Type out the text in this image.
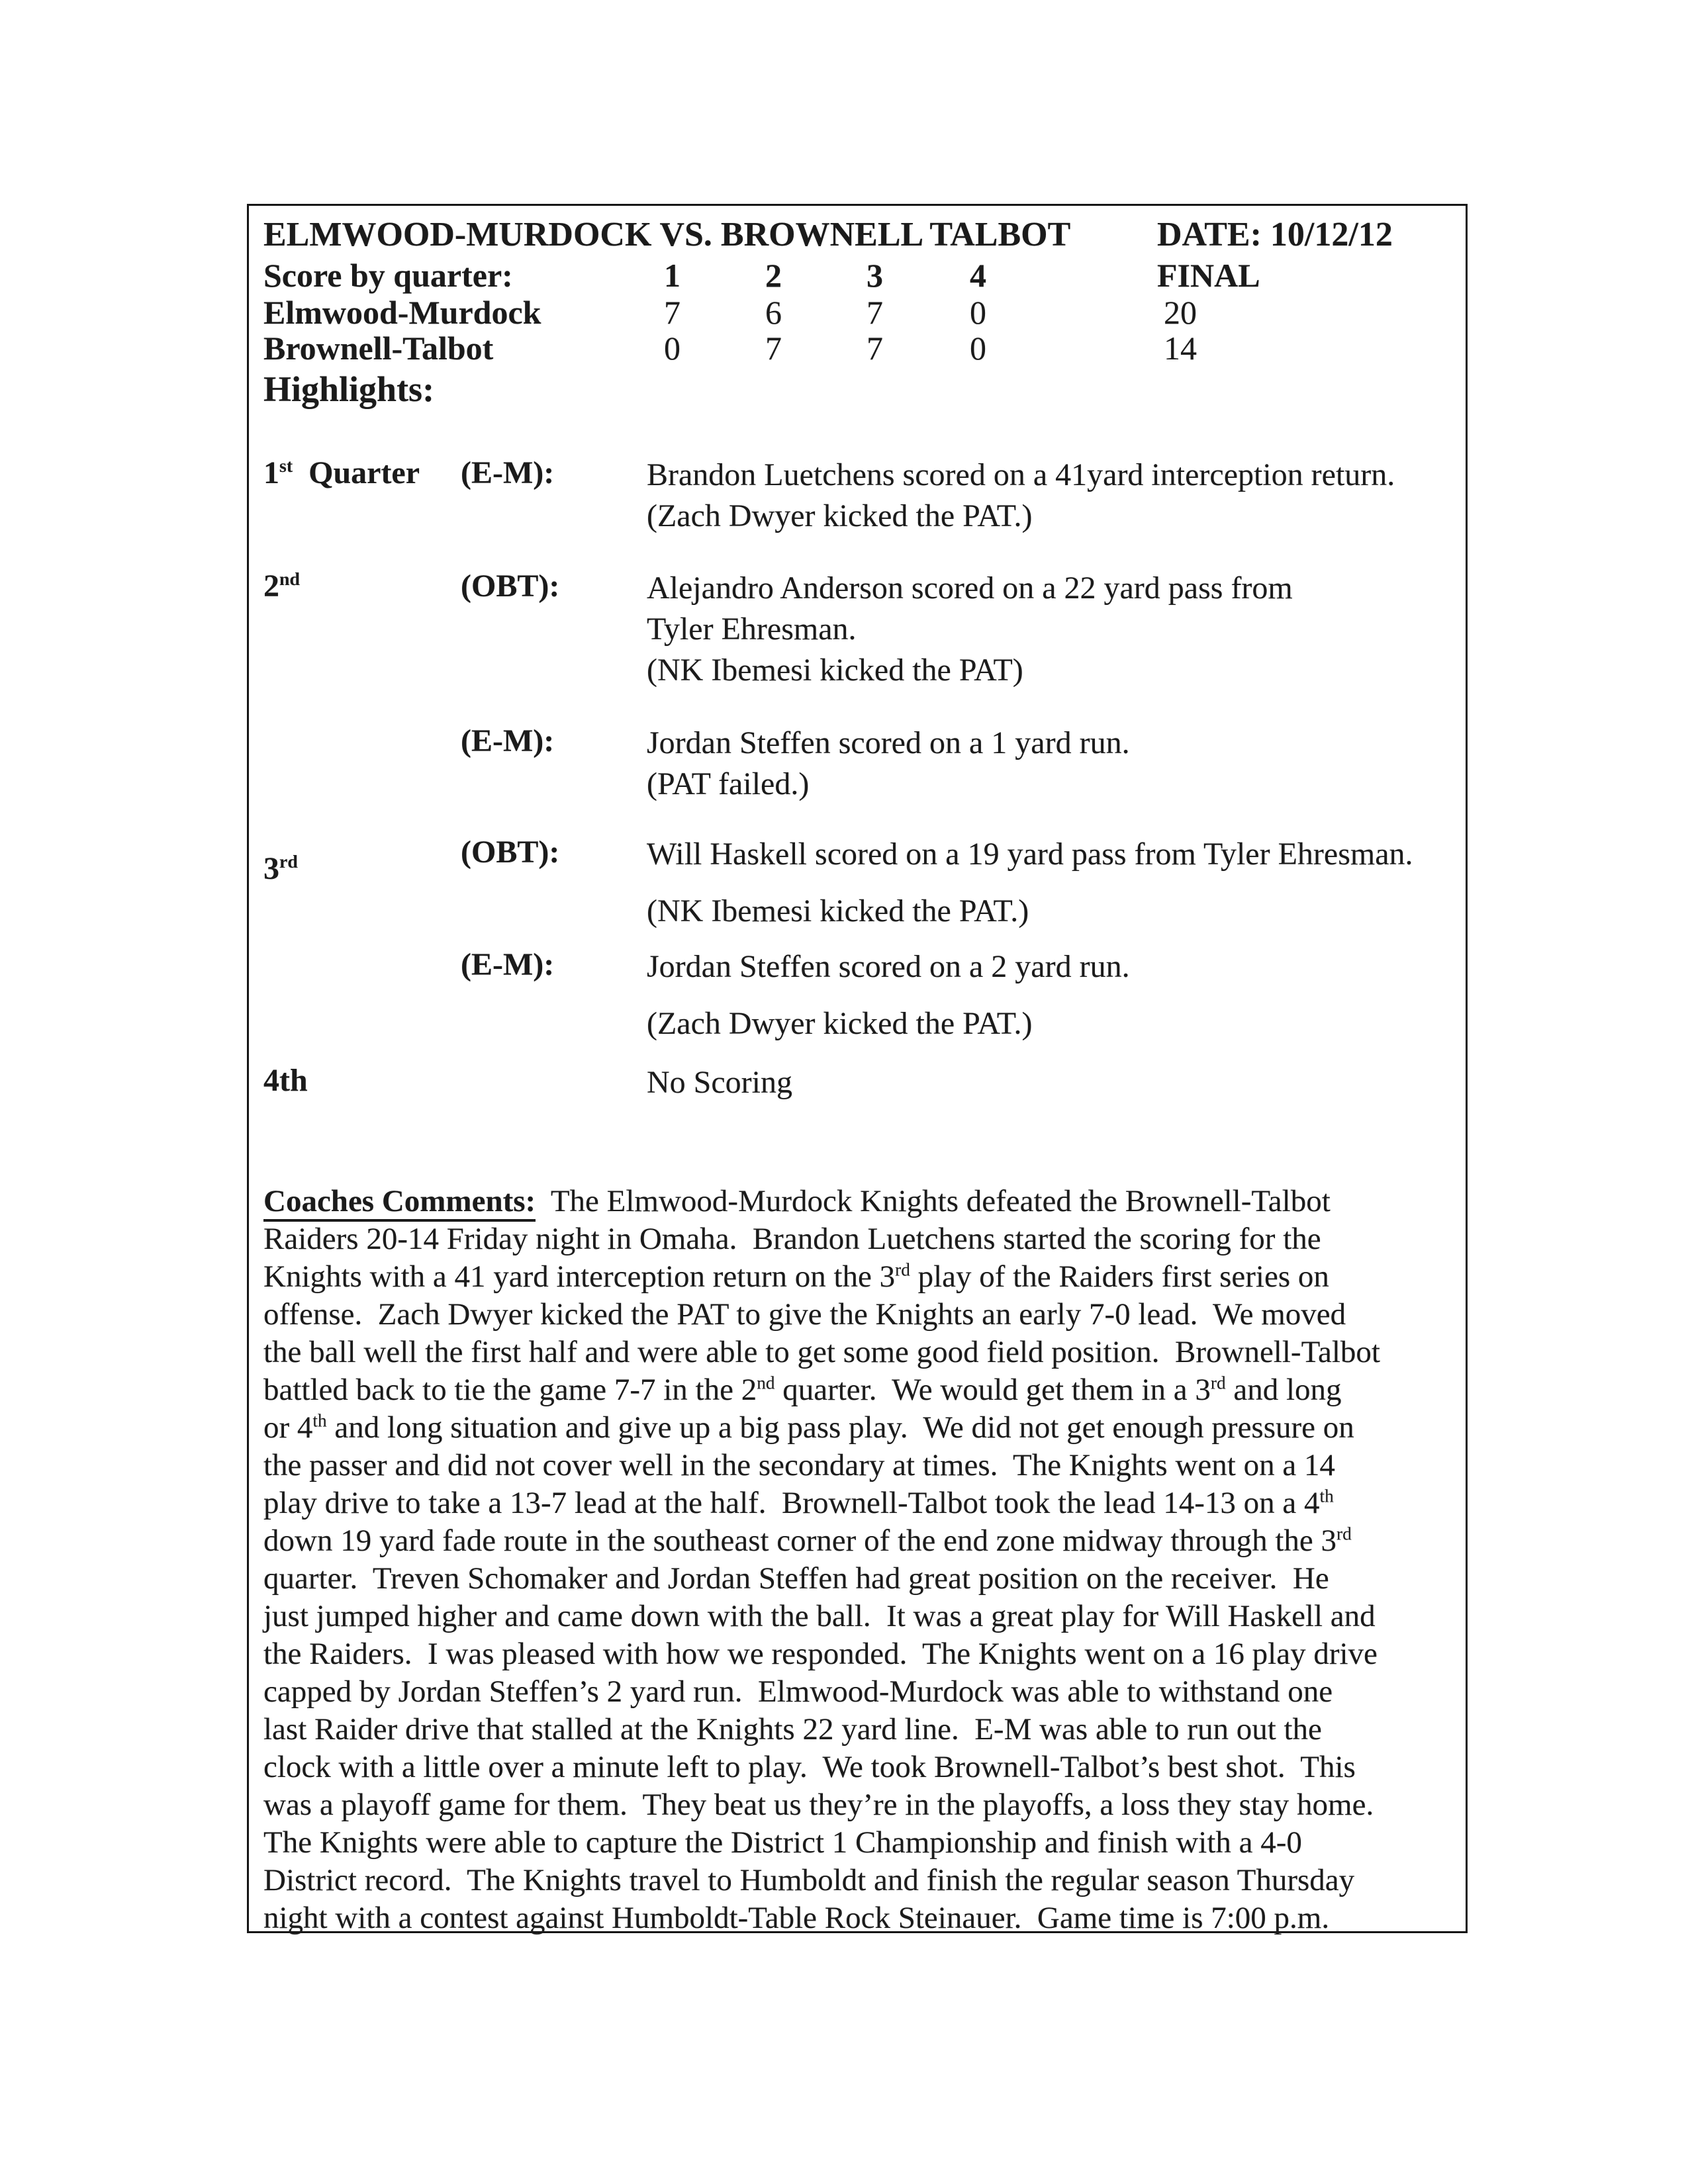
ELMWOOD-MURDOCK VS. BROWNELL TALBOT	DATE: 10/12/12
Score by quarter:	1	2	3	4	FINAL
Elmwood-Murdock	7	6	7	0	20
Brownell-Talbot	0	7	7	0	14
Highlights:
1st  Quarter (E-M):	Brandon Luetchens scored on a 41yard interception return.
(Zach Dwyer kicked the PAT.)
2nd	(OBT):	Alejandro Anderson scored on a 22 yard pass from
Tyler Ehresman.
(NK Ibemesi kicked the PAT)
(E-M):	Jordan Steffen scored on a 1 yard run.
(PAT failed.)
3rd	(OBT):	Will Haskell scored on a 19 yard pass from Tyler Ehresman.
(NK Ibemesi kicked the PAT.)
(E-M):	Jordan Steffen scored on a 2 yard run.
(Zach Dwyer kicked the PAT.)
4th	No Scoring
Coaches Comments:  The Elmwood-Murdock Knights defeated the Brownell-Talbot
Raiders 20-14 Friday night in Omaha.  Brandon Luetchens started the scoring for the
Knights with a 41 yard interception return on the 3rd play of the Raiders first series on
offense.  Zach Dwyer kicked the PAT to give the Knights an early 7-0 lead.  We moved
the ball well the first half and were able to get some good field position.  Brownell-Talbot
battled back to tie the game 7-7 in the 2nd quarter.  We would get them in a 3rd and long
or 4th and long situation and give up a big pass play.  We did not get enough pressure on
the passer and did not cover well in the secondary at times.  The Knights went on a 14
play drive to take a 13-7 lead at the half.  Brownell-Talbot took the lead 14-13 on a 4th
down 19 yard fade route in the southeast corner of the end zone midway through the 3rd
quarter.  Treven Schomaker and Jordan Steffen had great position on the receiver.  He
just jumped higher and came down with the ball.  It was a great play for Will Haskell and
the Raiders.  I was pleased with how we responded.  The Knights went on a 16 play drive
capped by Jordan Steffen’s 2 yard run.  Elmwood-Murdock was able to withstand one
last Raider drive that stalled at the Knights 22 yard line.  E-M was able to run out the
clock with a little over a minute left to play.  We took Brownell-Talbot’s best shot.  This
was a playoff game for them.  They beat us they’re in the playoffs, a loss they stay home.
The Knights were able to capture the District 1 Championship and finish with a 4-0
District record.  The Knights travel to Humboldt and finish the regular season Thursday
night with a contest against Humboldt-Table Rock Steinauer.  Game time is 7:00 p.m.
